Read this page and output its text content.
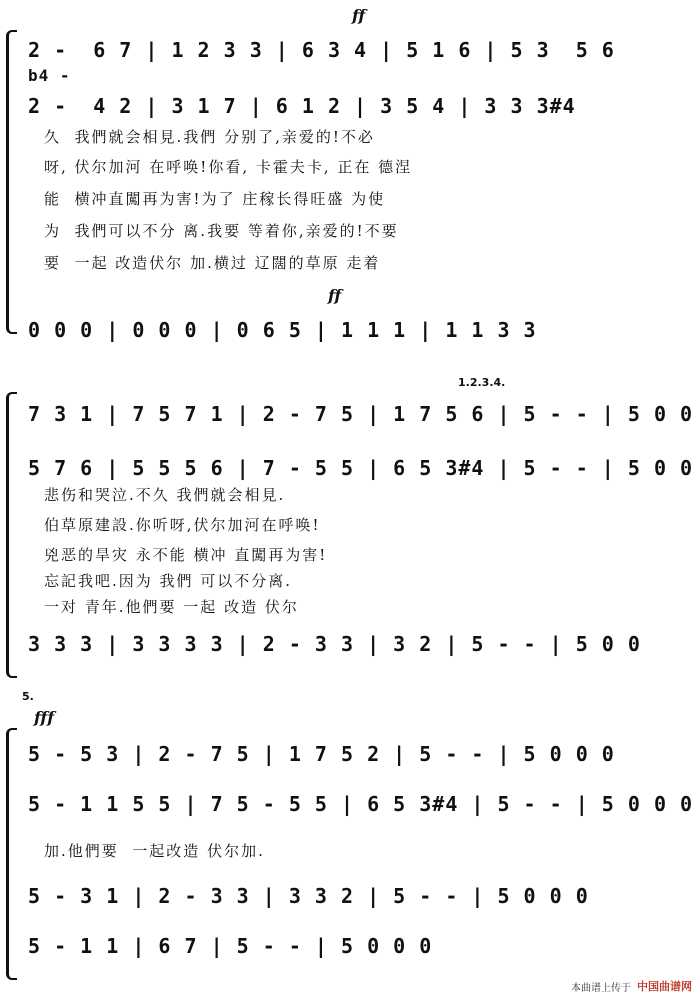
ff
2 -  6 7 | 1 2 3 3 | 6 3 4 | 5 1 6 | 5 3  5 6
b4 -
2 -  4 2 | 3 1 7 | 6 1 2 | 3 5 4 | 3 3 3#4
久  我們就会相見.我們 分别了,亲爱的!不必
呀, 伏尔加河 在呼唤!你看, 卡霍夫卡, 正在 德涅
能  横冲直闖再为害!为了 庄稼长得旺盛 为使
为  我們可以不分 离.我要 等着你,亲爱的!不要
要  一起 改造伏尔 加.横过 辽闊的草原 走着
ff
0 0 0 | 0 0 0 | 0 6 5 | 1 1 1 | 1 1 3 3
1.2.3.4.
7 3 1 | 7 5 7 1 | 2 - 7 5 | 1 7 5 6 | 5 - - | 5 0 0
5 7 6 | 5 5 5 6 | 7 - 5 5 | 6 5 3#4 | 5 - - | 5 0 0
悲伤和哭泣.不久 我們就会相見.
伯草原建設.你听呀,伏尔加河在呼唤!
兇恶的旱灾 永不能 横冲 直闖再为害!
忘記我吧.因为 我們 可以不分离.
一对 青年.他們要 一起 改造 伏尔
3 3 3 | 3 3 3 3 | 2 - 3 3 | 3 2 | 5 - - | 5 0 0
5.
fff
5 - 5 3 | 2 - 7 5 | 1 7 5 2 | 5 - - | 5 0 0 0
5 - 1 1 5 5 | 7 5 - 5 5 | 6 5 3#4 | 5 - - | 5 0 0 0
加.他們要  一起改造 伏尔加.
5 - 3 1 | 2 - 3 3 | 3 3 2 | 5 - - | 5 0 0 0
5 - 1 1 | 6 7 | 5 - - | 5 0 0 0
本曲谱上传于 中国曲谱网
